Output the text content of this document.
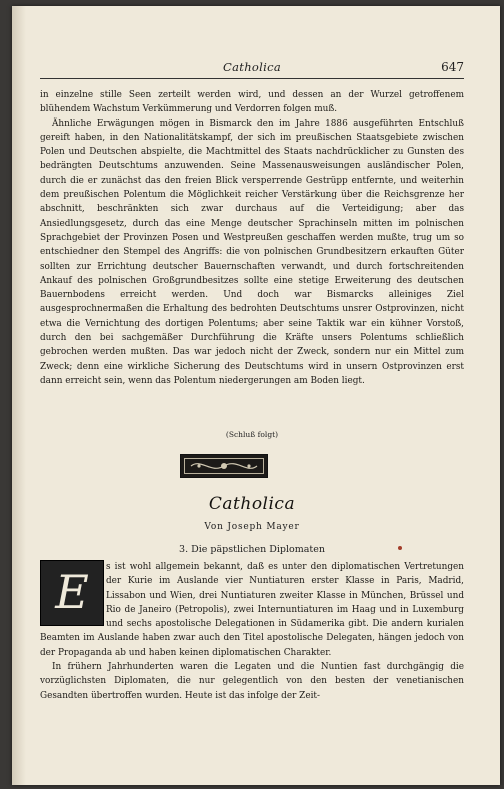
Catholica	647

in einzelne stille Seen zerteilt werden wird, und dessen an der Wurzel getroffenem blühendem Wachstum Verkümmerung und Verdorren folgen muß.

Ähnliche Erwägungen mögen in Bismarck den im Jahre 1886 ausgeführten Entschluß gereift haben, in den Nationalitätskampf, der sich im preußischen Staatsgebiete zwischen Polen und Deutschen abspielte, die Machtmittel des Staats nachdrücklicher zu Gunsten des bedrängten Deutschtums anzuwenden. Seine Massenausweisungen ausländischer Polen, durch die er zunächst das den freien Blick versperrende Gestrüpp entfernte, und weiterhin dem preußischen Polentum die Möglichkeit reicher Verstärkung über die Reichsgrenze her abschnitt, beschränkten sich zwar durchaus auf die Verteidigung; aber das Ansiedlungsgesetz, durch das eine Menge deutscher Sprachinseln mitten im polnischen Sprachgebiet der Provinzen Posen und Westpreußen geschaffen werden mußte, trug um so entschiedner den Stempel des Angriffs: die von polnischen Grundbesitzern erkauften Güter sollten zur Errichtung deutscher Bauernschaften verwandt, und durch fortschreitenden Ankauf des polnischen Großgrundbesitzes sollte eine stetige Erweiterung des deutschen Bauernbodens erreicht werden. Und doch war Bismarcks alleiniges Ziel ausgesprochnermaßen die Erhaltung des bedrohten Deutschtums unsrer Ostprovinzen, nicht etwa die Vernichtung des dortigen Polentums; aber seine Taktik war ein kühner Vorstoß, durch den bei sachgemäßer Durchführung die Kräfte unsers Polentums schließlich gebrochen werden mußten. Das war jedoch nicht der Zweck, sondern nur ein Mittel zum Zweck; denn eine wirkliche Sicherung des Deutschtums wird in unsern Ostprovinzen erst dann erreicht sein, wenn das Polentum niedergerungen am Boden liegt.

(Schluß folgt)
Catholica
Von Joseph Mayer
3. Die päpstlichen Diplomaten
E	s ist wohl allgemein bekannt, daß es unter den diplomatischen Vertretungen der Kurie im Auslande vier Nuntiaturen erster Klasse in Paris, Madrid, Lissabon und Wien, drei Nuntiaturen zweiter Klasse in München, Brüssel und Rio de Janeiro (Petropolis), zwei Internuntiaturen im Haag und in Luxemburg und sechs apostolische Delegationen in Südamerika gibt. Die andern kurialen Beamten im Auslande haben zwar auch den Titel apostolische Delegaten, hängen jedoch von der Propaganda ab und haben keinen diplomatischen Charakter.

In frühern Jahrhunderten waren die Legaten und die Nuntien fast durchgängig die vorzüglichsten Diplomaten, die nur gelegentlich von den besten der venetianischen Gesandten übertroffen wurden. Heute ist das infolge der Zeit-
